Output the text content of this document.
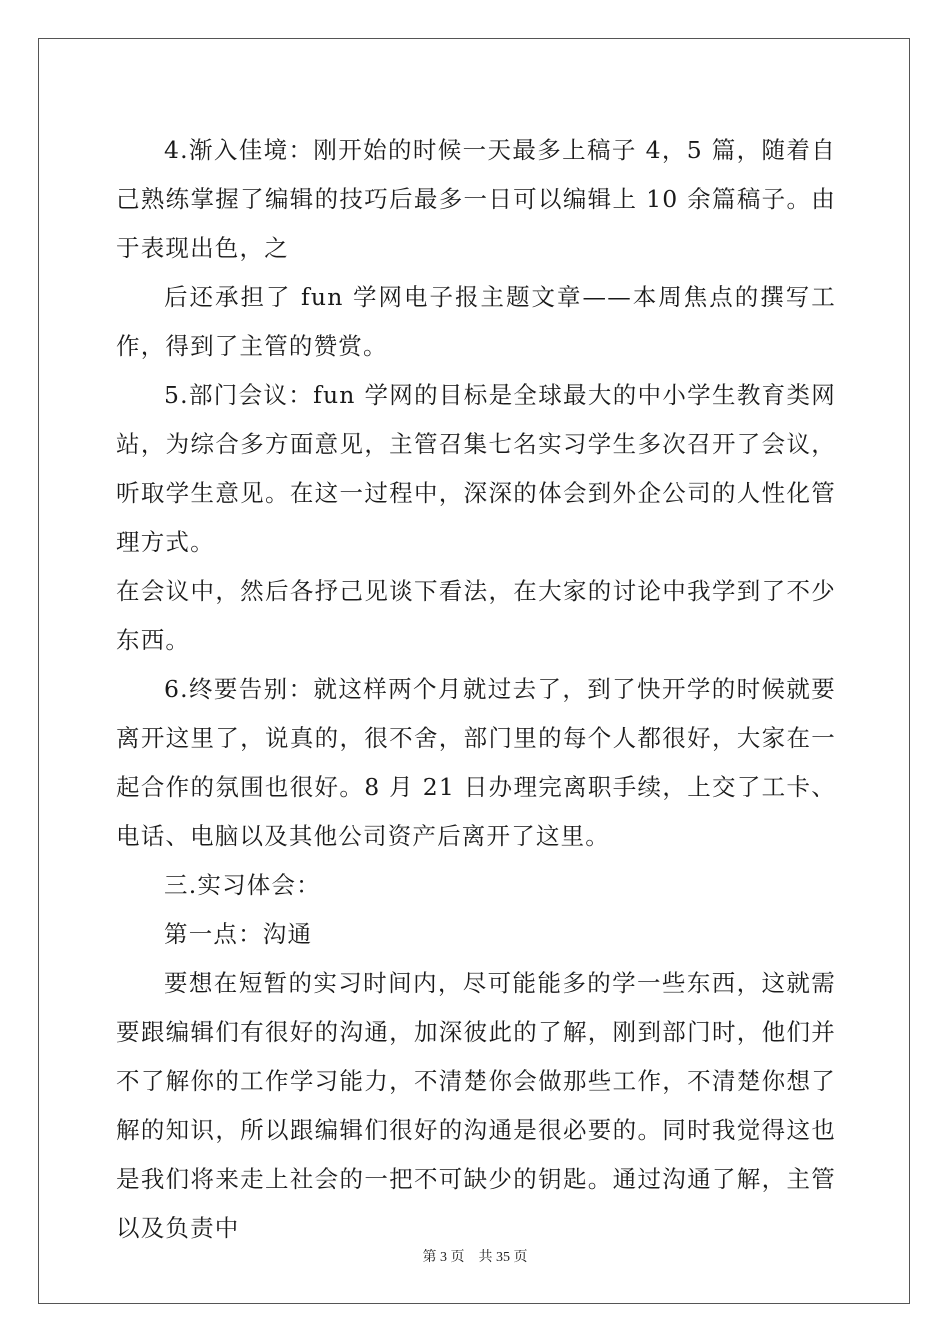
4.渐入佳境：刚开始的时候一天最多上稿子 4，5 篇，随着自己熟练掌握了编辑的技巧后最多一日可以编辑上 10 余篇稿子。由于表现出色，之

后还承担了 fun 学网电子报主题文章——本周焦点的撰写工作，得到了主管的赞赏。

5.部门会议：fun 学网的目标是全球最大的中小学生教育类网站，为综合多方面意见，主管召集七名实习学生多次召开了会议，听取学生意见。在这一过程中，深深的体会到外企公司的人性化管理方式。

在会议中，然后各抒己见谈下看法，在大家的讨论中我学到了不少东西。

6.终要告别：就这样两个月就过去了，到了快开学的时候就要离开这里了，说真的，很不舍，部门里的每个人都很好，大家在一起合作的氛围也很好。8 月 21 日办理完离职手续，上交了工卡、电话、电脑以及其他公司资产后离开了这里。

三.实习体会：

第一点：沟通

要想在短暂的实习时间内，尽可能能多的学一些东西，这就需要跟编辑们有很好的沟通，加深彼此的了解，刚到部门时，他们并不了解你的工作学习能力，不清楚你会做那些工作，不清楚你想了解的知识，所以跟编辑们很好的沟通是很必要的。同时我觉得这也是我们将来走上社会的一把不可缺少的钥匙。通过沟通了解，主管以及负责中

第 3 页　共 35 页
